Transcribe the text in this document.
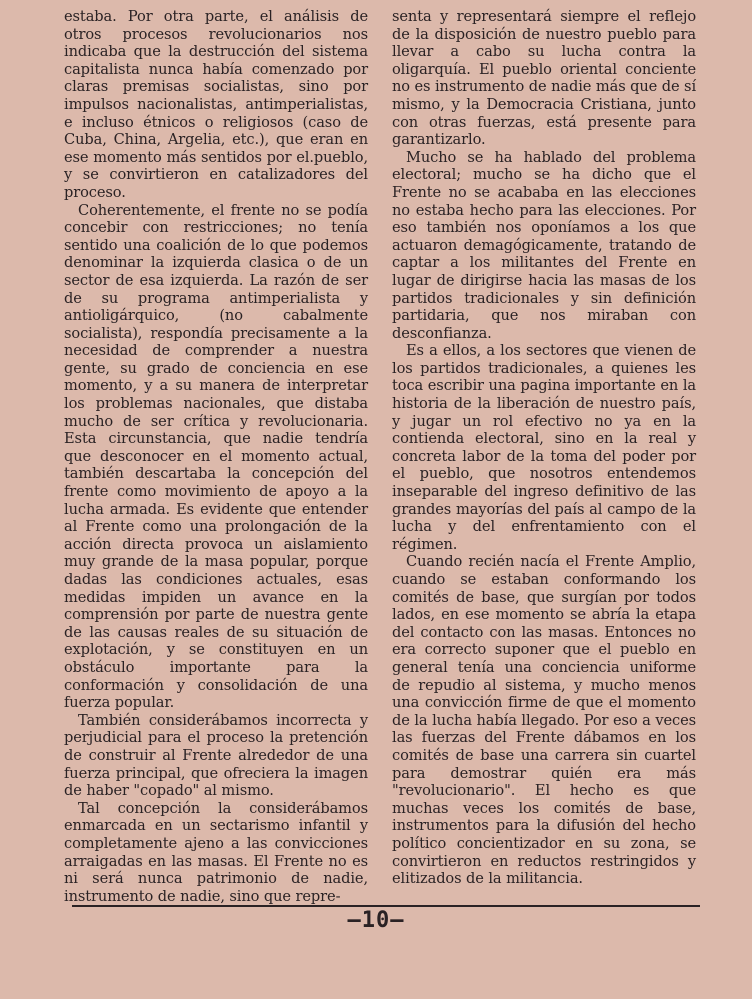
estaba. Por otra parte, el análisis de otros procesos revolucionarios nos indicaba que la destrucción del sistema capitalista nunca había comenzado por claras premisas socialistas, sino por impulsos nacionalistas, antimperialistas, e incluso étnicos o religiosos (caso de Cuba, China, Argelia, etc.), que eran en ese momento más sentidos por el.pueblo, y se convirtieron en catalizadores del proceso.

Coherentemente, el frente no se podía concebir con restricciones; no tenía sentido una coalición de lo que podemos denominar la izquierda clasica o de un sector de esa izquierda. La razón de ser de su programa antimperialista y antioligárquico, (no cabalmente socialista), respondía precisamente a la necesidad de comprender a nuestra gente, su grado de conciencia en ese momento, y a su manera de interpretar los problemas nacionales, que distaba mucho de ser crítica y revolucionaria. Esta circunstancia, que nadie tendría que desconocer en el momento actual, también descartaba la concepción del frente como movimiento de apoyo a la lucha armada. Es evidente que entender al Frente como una prolongación de la acción directa provoca un aislamiento muy grande de la masa popular, porque dadas las condiciones actuales, esas medidas impiden un avance en la comprensión por parte de nuestra gente de las causas reales de su situación de explotación, y se constituyen en un obstáculo importante para la conformación y consolidación de una fuerza popular.

También considerábamos incorrecta y perjudicial para el proceso la pretención de construir al Frente alrededor de una fuerza principal, que ofreciera la imagen de haber "copado" al mismo.

Tal concepción la considerábamos enmarcada en un sectarismo infantil y completamente ajeno a las convicciones arraigadas en las masas. El Frente no es ni será nunca patrimonio de nadie, instrumento de nadie, sino que repre-

senta y representará siempre el reflejo de la disposición de nuestro pueblo para llevar a cabo su lucha contra la oligarquía. El pueblo oriental conciente no es instrumento de nadie más que de sí mismo, y la Democracia Cristiana, junto con otras fuerzas, está presente para garantizarlo.

Mucho se ha hablado del problema electoral; mucho se ha dicho que el Frente no se acababa en las elecciones no estaba hecho para las elecciones. Por eso también nos oponíamos a los que actuaron demagógicamente, tratando de captar a los militantes del Frente en lugar de dirigirse hacia las masas de los partidos tradicionales y sin definición partidaria, que nos miraban con desconfianza.

Es a ellos, a los sectores que vienen de los partidos tradicionales, a quienes les toca escribir una pagina importante en la historia de la liberación de nuestro país, y jugar un rol efectivo no ya en la contienda electoral, sino en la real y concreta labor de la toma del poder por el pueblo, que nosotros entendemos inseparable del ingreso definitivo de las grandes mayorías del país al campo de la lucha y del enfrentamiento con el régimen.

Cuando recién nacía el Frente Amplio, cuando se estaban conformando los comités de base, que surgían por todos lados, en ese momento se abría la etapa del contacto con las masas. Entonces no era correcto suponer que el pueblo en general tenía una conciencia uniforme de repudio al sistema, y mucho menos una convicción firme de que el momento de la lucha había llegado. Por eso a veces las fuerzas del Frente dábamos en los comités de base una carrera sin cuartel para demostrar quién era más "revolucionario". El hecho es que muchas veces los comités de base, instrumentos para la difusión del hecho político concientizador en su zona, se convirtieron en reductos restringidos y elitizados de la militancia.

—10—
